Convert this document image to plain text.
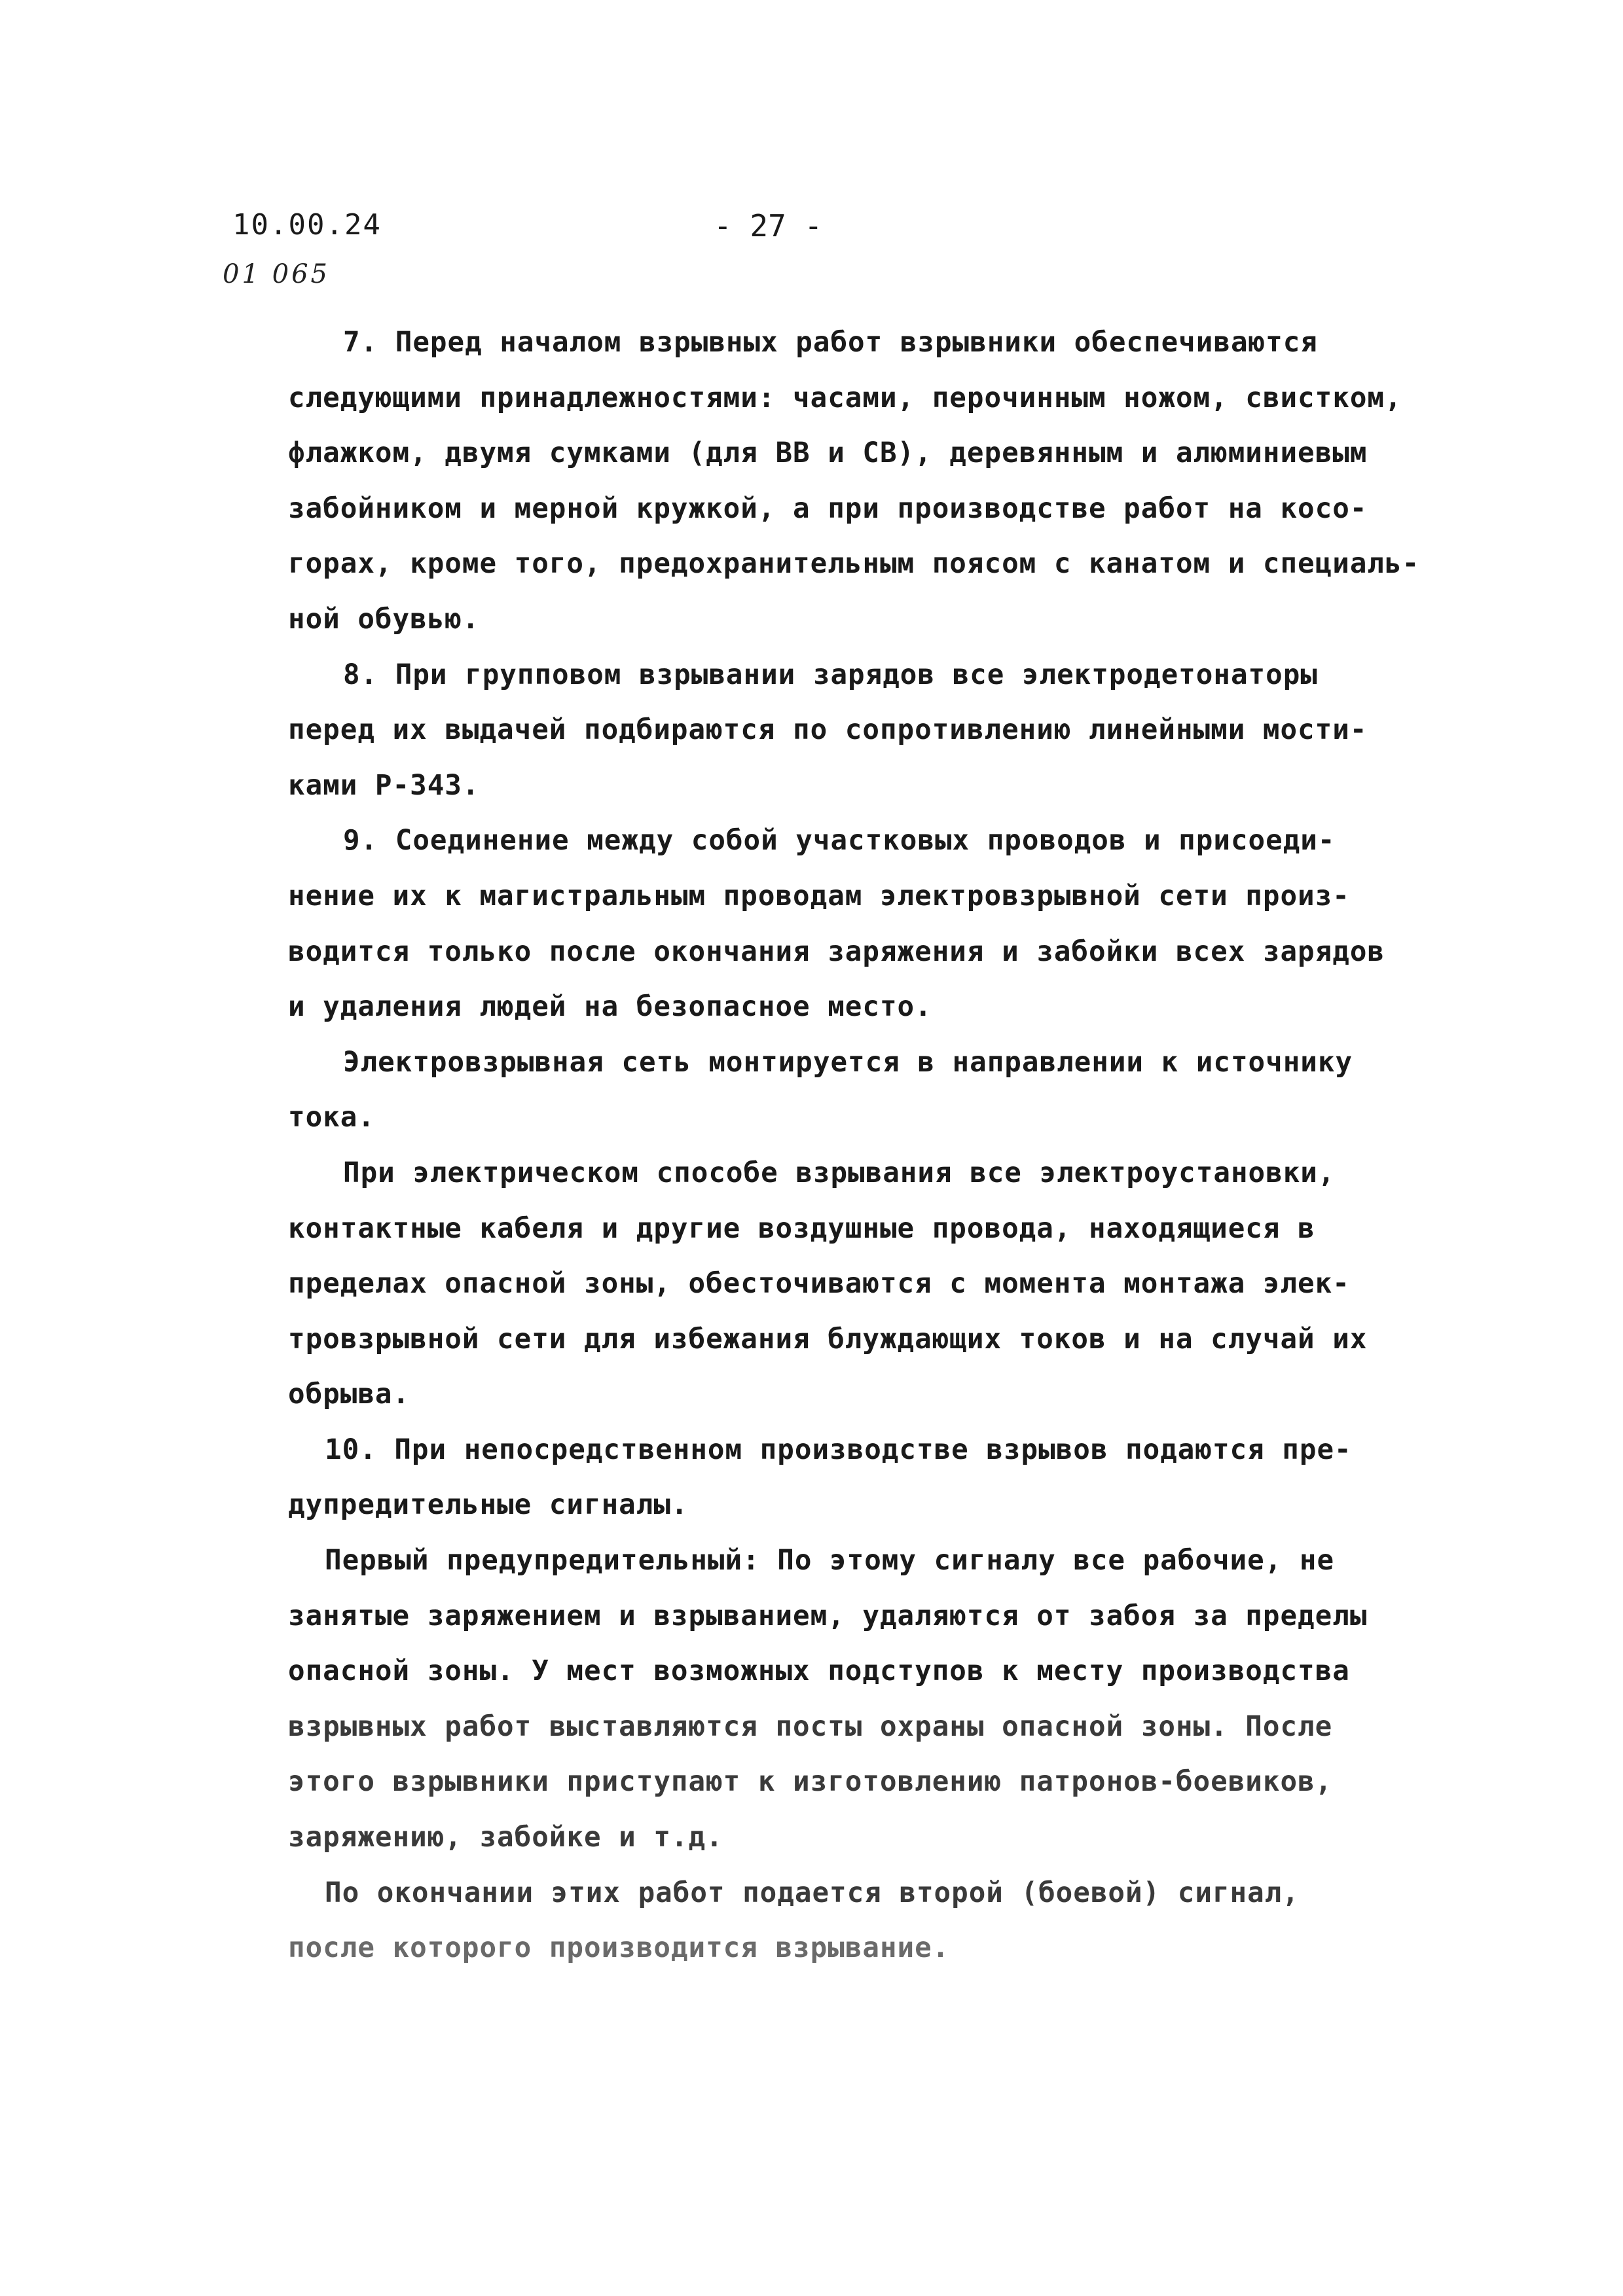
10.00.24
01 065
- 27 -
7. Перед началом взрывных работ взрывники обеспечиваются
следующими принадлежностями: часами, перочинным ножом, свистком,
флажком, двумя сумками (для ВВ и СВ), деревянным и алюминиевым
забойником и мерной кружкой, а при производстве работ на косо-
горах, кроме того, предохранительным поясом с канатом и специаль-
ной обувью.
8. При групповом взрывании зарядов все электродетонаторы
перед их выдачей подбираются по сопротивлению линейными мости-
ками Р-343.
9. Соединение между собой участковых проводов и присоеди-
нение их к магистральным проводам электровзрывной сети произ-
водится только после окончания заряжения и забойки всех зарядов
и удаления людей на безопасное место.
Электровзрывная сеть монтируется в направлении к источнику
тока.
При электрическом способе взрывания все электроустановки,
контактные кабеля и другие воздушные провода, находящиеся в
пределах опасной зоны, обесточиваются с момента монтажа элек-
тровзрывной сети для избежания блуждающих токов и на случай их
обрыва.
10. При непосредственном производстве взрывов подаются пре-
дупредительные сигналы.
Первый предупредительный: По этому сигналу все рабочие, не
занятые заряжением и взрыванием, удаляются от забоя за пределы
опасной зоны. У мест возможных подступов к месту производства
взрывных работ выставляются посты охраны опасной зоны. После
этого взрывники приступают к изготовлению патронов-боевиков,
заряжению, забойке и т.д.
По окончании этих работ подается второй (боевой) сигнал,
после которого производится взрывание.
